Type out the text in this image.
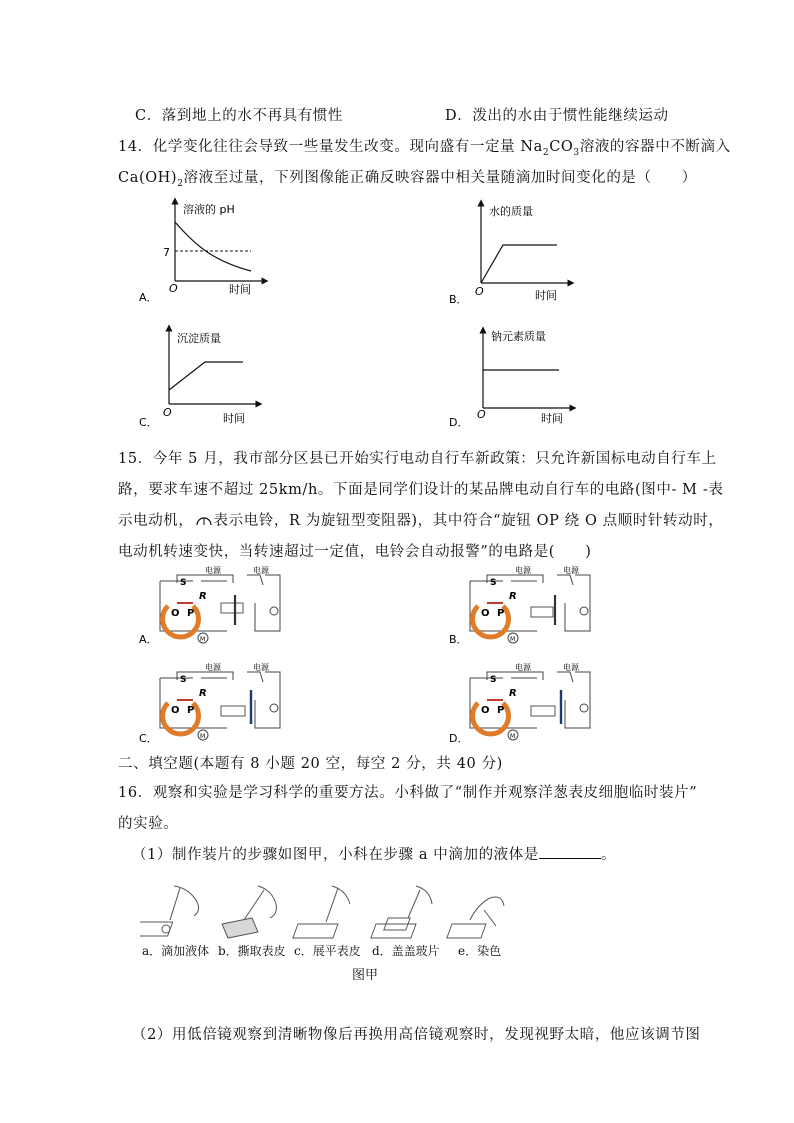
C．落到地上的水不再具有惯性	D．泼出的水由于惯性能继续运动
14．化学变化往往会导致一些量发生改变。现向盛有一定量 $Na_2CO_3$溶液的容器中不断滴入
$Ca(OH)_2$溶液至过量，下列图像能正确反映容器中相关量随滴加时间变化的是（　　）
溶液的 pH
7
O	时间
A．
水的质量
O	时间
B．
沉淀质量
O	时间
C．
钠元素质量
O	时间
D．
15．今年 5 月，我市部分区县已开始实行电动自行车新政策：只允许新国标电动自行车上
路，要求车速不超过 25km/h。下面是同学们设计的某品牌电动自行车的电路(图中- M -表
示电动机， 表示电铃，R 为旋钮型变阻器)，其中符合“旋钮 OP 绕 O 点顺时针转动时，
电动机转速变快，当转速超过一定值，电铃会自动报警”的电路是(　　)
S
电源	电源
R
O P
M
A．
S
电源	电源
R
O P
M
B．
S
电源	电源
R
O P
M
C．
S
电源	电源
R
O P
M
D．
二、填空题(本题有 8 小题 20 空，每空 2 分，共 40 分)
16．观察和实验是学习科学的重要方法。小科做了“制作并观察洋葱表皮细胞临时装片”
的实验。
（1）制作装片的步骤如图甲，小科在步骤 a 中滴加的液体是	。
a．滴加液体 b．撕取表皮 c．展平表皮 d．盖盖玻片 e．染色
图甲
（2）用低倍镜观察到清晰物像后再换用高倍镜观察时，发现视野太暗，他应该调节图
